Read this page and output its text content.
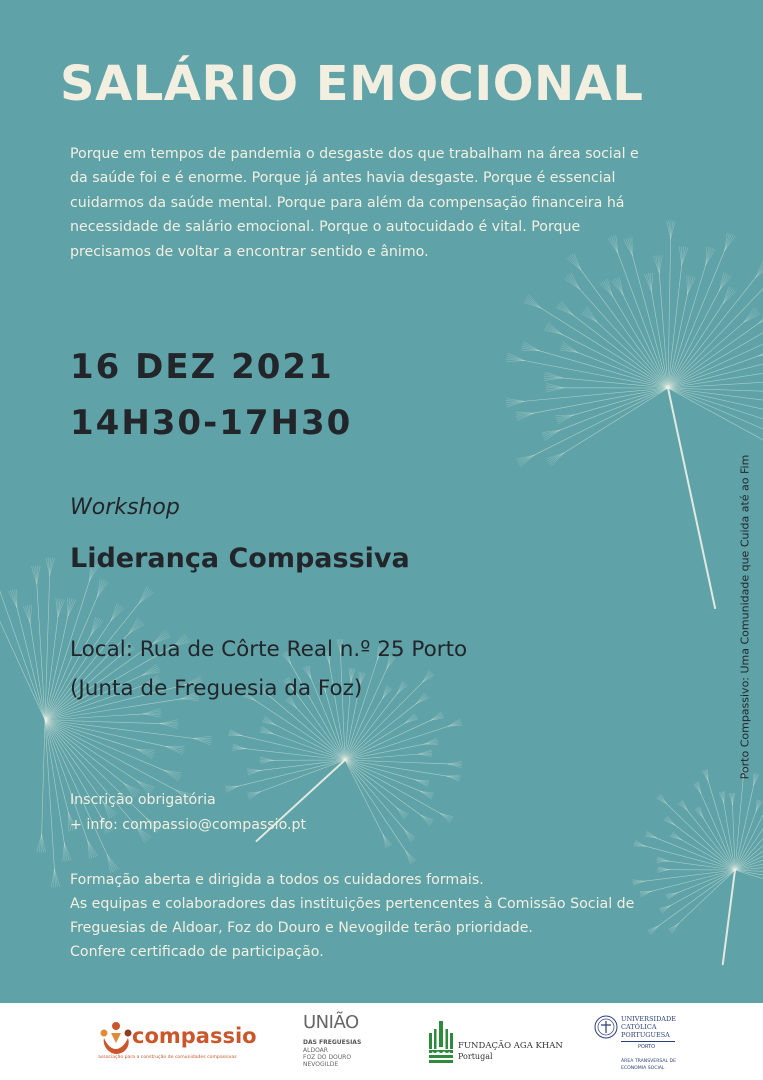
SALÁRIO EMOCIONAL

Porque em tempos de pandemia o desgaste dos que trabalham na área social e da saúde foi e é enorme. Porque já antes havia desgaste. Porque é essencial cuidarmos da saúde mental. Porque para além da compensação financeira há necessidade de salário emocional. Porque o autocuidado é vital. Porque precisamos de voltar a encontrar sentido e ânimo.

16 DEZ 2021

14H30-17H30

Workshop

Liderança Compassiva

Local: Rua de Côrte Real n.º 25 Porto

(Junta de Freguesia da Foz)

Inscrição obrigatória

+ info: compassio@compassio.pt

Formação aberta e dirigida a todos os cuidadores formais.
As equipas e colaboradores das instituições pertencentes à Comissão Social de
Freguesias de Aldoar, Foz do Douro e Nevogilde terão prioridade.
Confere certificado de participação.

Porto Compassivo: Uma Comunidade que Cuida até ao Fim

compassio
associação para a construção de comunidades compassivas
UNIÃO
DAS FREGUESIAS
ALDOAR
FOZ DO DOURO
NEVOGILDE
FUNDAÇÃO AGA KHAN
Portugal
UNIVERSIDADE
CATÓLICA
PORTUGUESA
PORTO
ÁREA TRANSVERSAL DE
ECONOMIA SOCIAL
